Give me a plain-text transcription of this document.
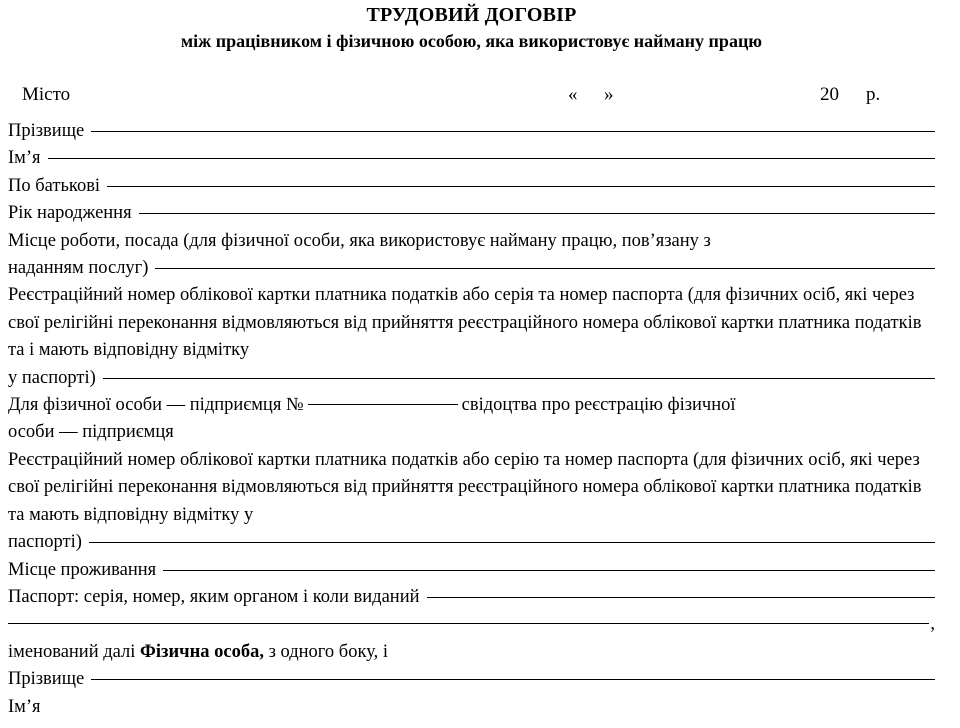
ТРУДОВИЙ ДОГОВІР
між працівником і фізичною особою, яка використовує найману працю
Місто	« »	20 р.
Прізвище
Ім’я
По батькові
Рік народження
Місце роботи, посада (для фізичної особи, яка використовує найману працю, пов’язану з
наданням послуг)
Реєстраційний номер облікової картки платника податків або серія та номер паспорта (для фізичних осіб, які через свої релігійні переконання відмовляються від прийняття реєстраційного номера облікової картки платника податків та і мають відповідну відмітку
у паспорті)
Для фізичної особи — підприємця №	свідоцтва про реєстрацію фізичної
особи — підприємця
Реєстраційний номер облікової картки платника податків або серію та номер паспорта (для фізичних осіб, які через свої релігійні переконання відмовляються від прийняття реєстраційного номера облікової картки платника податків та мають відповідну відмітку у
паспорті)
Місце проживання
Паспорт: серія, номер, яким органом і коли виданий
,
іменований далі Фізична особа, з одного боку, і
Прізвище
Ім’я
